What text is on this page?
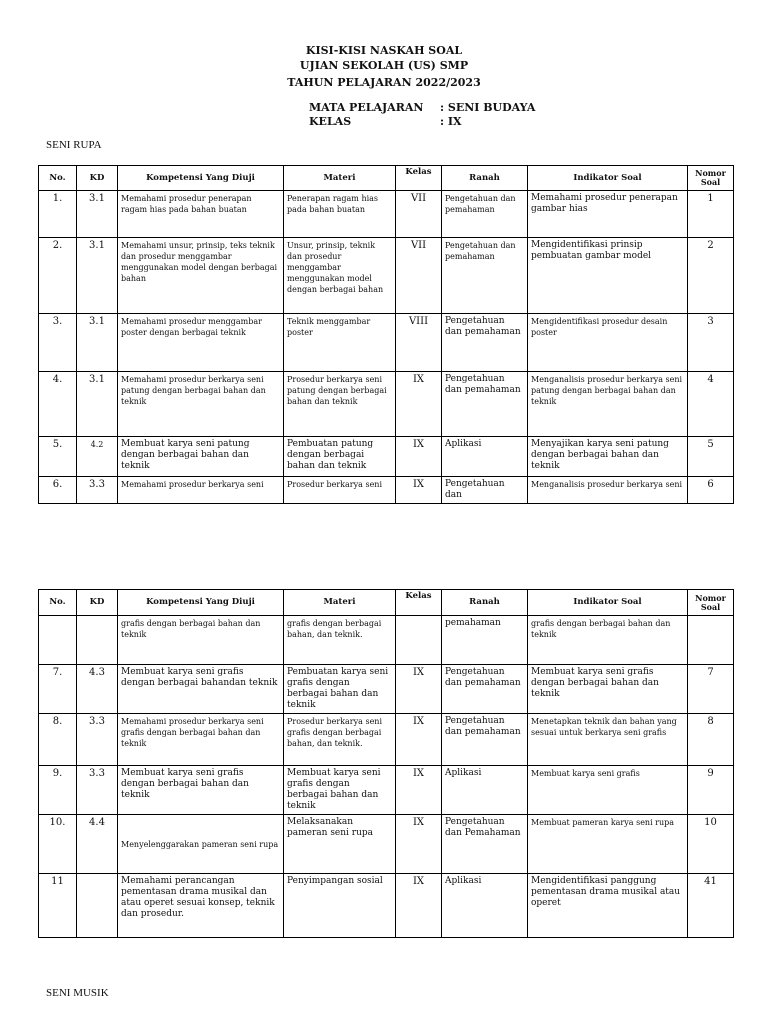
KISI-KISI NASKAH SOAL
UJIAN SEKOLAH (US) SMP
TAHUN PELAJARAN 2022/2023
MATA PELAJARAN : SENI BUDAYA
KELAS	: IX
SENI RUPA
No.	KD	Kompetensi Yang Diuji	Materi	Kelas	Ranah	Indikator Soal	Nomor Soal
1.	3.1	Memahami prosedur penerapan ragam hias pada bahan buatan	Penerapan ragam hias pada bahan buatan	VII	Pengetahuan dan pemahaman	Memahami prosedur penerapan gambar hias	1
2.	3.1	Memahami unsur, prinsip, teks teknik dan prosedur menggambar menggunakan model dengan berbagai bahan	Unsur, prinsip, teknik dan prosedur menggambar menggunakan model dengan berbagai bahan	VII	Pengetahuan dan pemahaman	Mengidentifikasi prinsip pembuatan gambar model	2
3.	3.1	Memahami prosedur menggambar poster dengan berbagai teknik	Teknik menggambar poster	VIII	Pengetahuan dan pemahaman	Mengidentifikasi prosedur desain poster	3
4.	3.1	Memahami prosedur berkarya seni patung dengan berbagai bahan dan teknik	Prosedur berkarya seni patung dengan berbagai bahan dan teknik	IX	Pengetahuan dan pemahaman	Menganalisis prosedur berkarya seni patung dengan berbagai bahan dan teknik	4
5.	4.2	Membuat karya seni patung dengan berbagai bahan dan teknik	Pembuatan patung dengan berbagai bahan dan teknik	IX	Aplikasi	Menyajikan karya seni patung dengan berbagai bahan dan teknik	5
6.	3.3	Memahami prosedur berkarya seni	Prosedur berkarya seni	IX	Pengetahuan dan	Menganalisis prosedur berkarya seni	6
No.	KD	Kompetensi Yang Diuji	Materi	Kelas	Ranah	Indikator Soal	Nomor Soal
		grafis dengan berbagai bahan dan teknik	grafis dengan berbagai bahan, dan teknik.		pemahaman	grafis dengan berbagai bahan dan teknik	
7.	4.3	Membuat karya seni grafis dengan berbagai bahandan teknik	Pembuatan karya seni grafis dengan berbagai bahan dan teknik	IX	Pengetahuan dan pemahaman	Membuat karya seni grafis dengan berbagai bahan dan teknik	7
8.	3.3	Memahami prosedur berkarya seni grafis dengan berbagai bahan dan teknik	Prosedur berkarya seni grafis dengan berbagai bahan, dan teknik.	IX	Pengetahuan dan pemahaman	Menetapkan teknik dan bahan yang sesuai untuk berkarya seni grafis	8
9.	3.3	Membuat karya seni grafis dengan berbagai bahan dan teknik	Membuat karya seni grafis dengan berbagai bahan dan teknik	IX	Aplikasi	Membuat karya seni grafis	9
10.	4.4	Menyelenggarakan pameran seni rupa	Melaksanakan pameran seni rupa	IX	Pengetahuan dan Pemahaman	Membuat pameran karya seni rupa	10
11		Memahami perancangan pementasan drama musikal dan atau operet sesuai konsep, teknik dan prosedur.	Penyimpangan sosial	IX	Aplikasi	Mengidentifikasi panggung pementasan drama musikal atau operet	41
SENI MUSIK
